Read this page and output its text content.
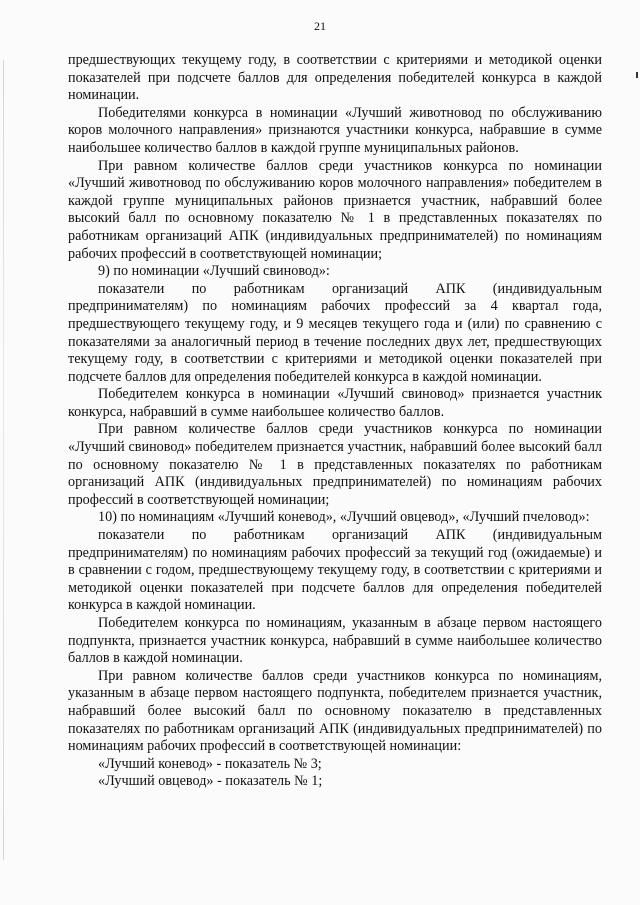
21

предшествующих текущему году, в соответствии с критериями и методикой оценки показателей при подсчете баллов для определения победителей конкурса в каждой номинации.

Победителями конкурса в номинации «Лучший животновод по обслуживанию коров молочного направления» признаются участники конкурса, набравшие в сумме наибольшее количество баллов в каждой группе муниципальных районов.

При равном количестве баллов среди участников конкурса по номинации «Лучший животновод по обслуживанию коров молочного направления» победителем в каждой группе муниципальных районов признается участник, набравший более высокий балл по основному показателю № 1 в представленных показателях по работникам организаций АПК (индивидуальных предпринимателей) по номинациям рабочих профессий в соответствующей номинации;

9) по номинации «Лучший свиновод»:

показатели по работникам организаций АПК (индивидуальным предпринимателям) по номинациям рабочих профессий за 4 квартал года, предшествующего текущему году, и 9 месяцев текущего года и (или) по сравнению с показателями за аналогичный период в течение последних двух лет, предшествующих текущему году, в соответствии с критериями и методикой оценки показателей при подсчете баллов для определения победителей конкурса в каждой номинации.

Победителем конкурса в номинации «Лучший свиновод» признается участник конкурса, набравший в сумме наибольшее количество баллов.

При равном количестве баллов среди участников конкурса по номинации «Лучший свиновод» победителем признается участник, набравший более высокий балл по основному показателю № 1 в представленных показателях по работникам организаций АПК (индивидуальных предпринимателей) по номинациям рабочих профессий в соответствующей номинации;

10) по номинациям «Лучший коневод», «Лучший овцевод», «Лучший пчеловод»:

показатели по работникам организаций АПК (индивидуальным предпринимателям) по номинациям рабочих профессий за текущий год (ожидаемые) и в сравнении с годом, предшествующему текущему году, в соответствии с критериями и методикой оценки показателей при подсчете баллов для определения победителей конкурса в каждой номинации.

Победителем конкурса по номинациям, указанным в абзаце первом настоящего подпункта, признается участник конкурса, набравший в сумме наибольшее количество баллов в каждой номинации.

При равном количестве баллов среди участников конкурса по номинациям, указанным в абзаце первом настоящего подпункта, победителем признается участник, набравший более высокий балл по основному показателю в представленных показателях по работникам организаций АПК (индивидуальных предпринимателей) по номинациям рабочих профессий в соответствующей номинации:

«Лучший коневод» - показатель № 3;

«Лучший овцевод» - показатель № 1;
